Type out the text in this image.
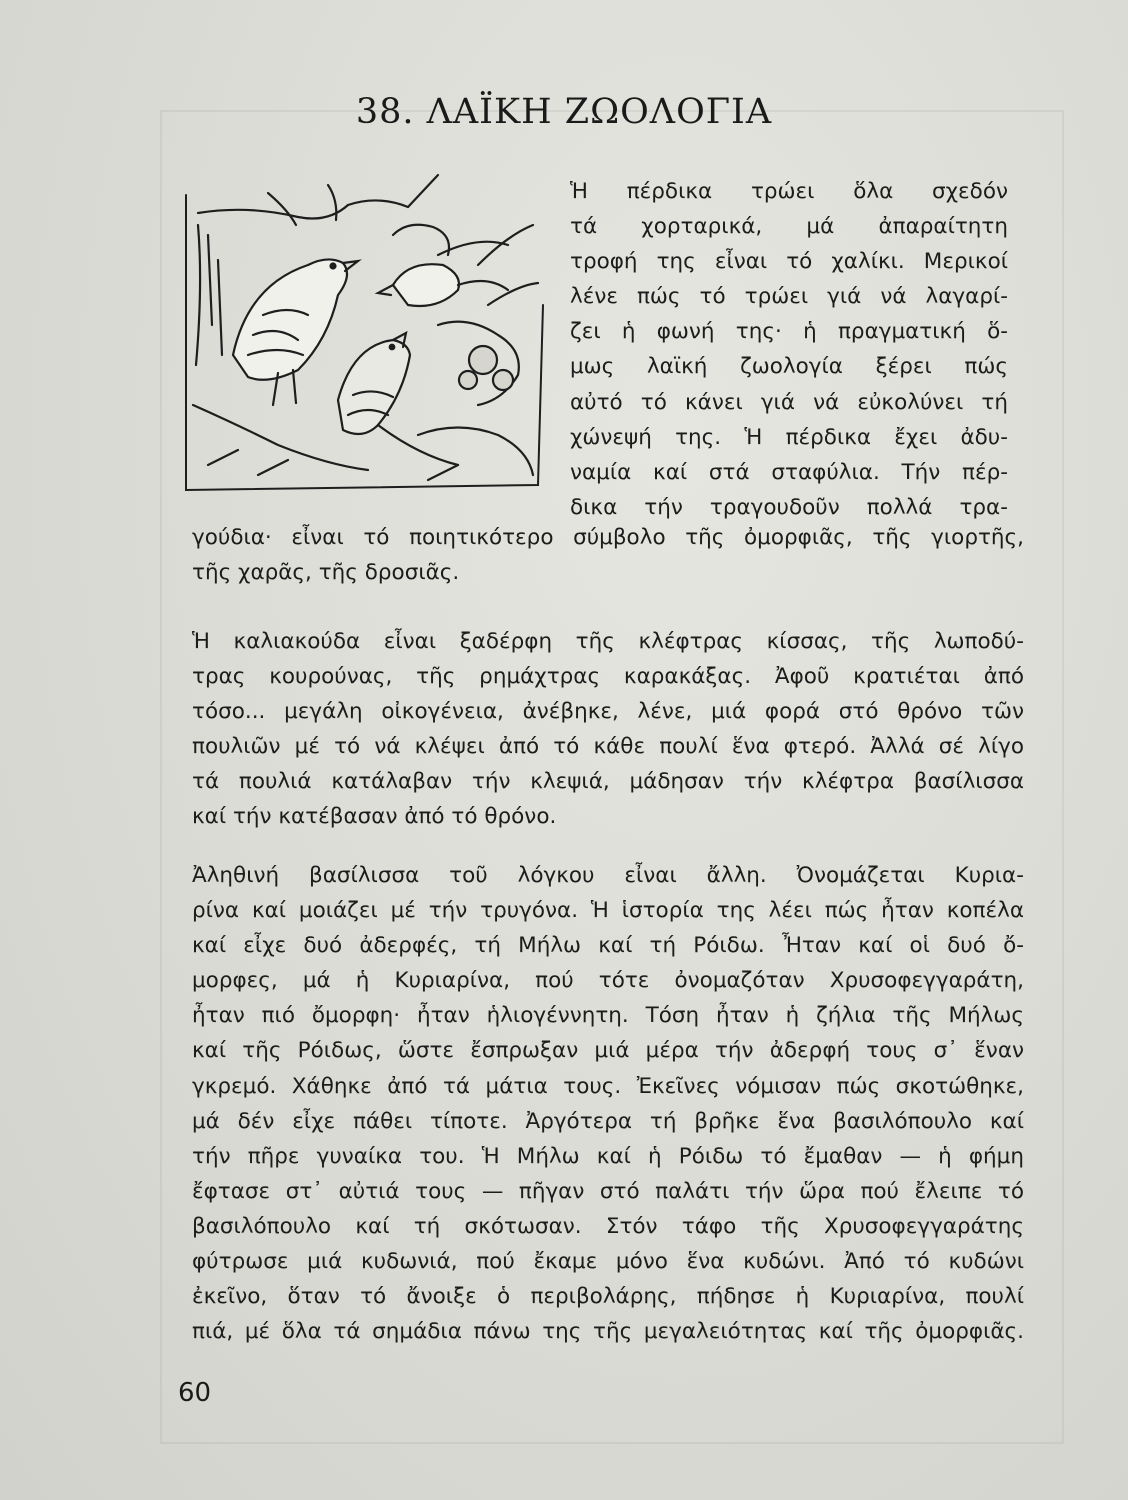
38. ΛΑΪΚΗ ΖΩΟΛΟΓΙΑ
Ἡ πέρδικα τρώει ὅλα σχεδόν
τά χορταρικά, μά ἀπαραίτητη
τροφή της εἶναι τό χαλίκι. Μερικοί
λένε πώς τό τρώει γιά νά λαγαρί-
ζει ἡ φωνή της· ἡ πραγματική ὅ-
μως λαϊκή ζωολογία ξέρει πώς
αὐτό τό κάνει γιά νά εὐκολύνει τή
χώνεψή της. Ἡ πέρδικα ἔχει ἀδυ-
ναμία καί στά σταφύλια. Τήν πέρ-
δικα τήν τραγουδοῦν πολλά τρα-
γούδια· εἶναι τό ποιητικότερο σύμβολο τῆς ὀμορφιᾶς, τῆς γιορτῆς,
τῆς χαρᾶς, τῆς δροσιᾶς.
Ἡ καλιακούδα εἶναι ξαδέρφη τῆς κλέφτρας κίσσας, τῆς λωποδύ-
τρας κουρούνας, τῆς ρημάχτρας καρακάξας. Ἀφοῦ κρατιέται ἀπό
τόσο... μεγάλη οἰκογένεια, ἀνέβηκε, λένε, μιά φορά στό θρόνο τῶν
πουλιῶν μέ τό νά κλέψει ἀπό τό κάθε πουλί ἕνα φτερό. Ἀλλά σέ λίγο
τά πουλιά κατάλαβαν τήν κλεψιά, μάδησαν τήν κλέφτρα βασίλισσα
καί τήν κατέβασαν ἀπό τό θρόνο.
Ἀληθινή βασίλισσα τοῦ λόγκου εἶναι ἄλλη. Ὀνομάζεται Κυρια-
ρίνα καί μοιάζει μέ τήν τρυγόνα. Ἡ ἱστορία της λέει πώς ἦταν κοπέλα
καί εἶχε δυό ἀδερφές, τή Μήλω καί τή Ρόιδω. Ἦταν καί οἱ δυό ὄ-
μορφες, μά ἡ Κυριαρίνα, πού τότε ὀνομαζόταν Χρυσοφεγγαράτη,
ἦταν πιό ὄμορφη· ἦταν ἡλιογέννητη. Τόση ἦταν ἡ ζήλια τῆς Μήλως
καί τῆς Ρόιδως, ὥστε ἔσπρωξαν μιά μέρα τήν ἀδερφή τους σ᾽ ἕναν
γκρεμό. Χάθηκε ἀπό τά μάτια τους. Ἐκεῖνες νόμισαν πώς σκοτώθηκε,
μά δέν εἶχε πάθει τίποτε. Ἀργότερα τή βρῆκε ἕνα βασιλόπουλο καί
τήν πῆρε γυναίκα του. Ἡ Μήλω καί ἡ Ρόιδω τό ἔμαθαν — ἡ φήμη
ἔφτασε στ᾽ αὐτιά τους — πῆγαν στό παλάτι τήν ὥρα πού ἔλειπε τό
βασιλόπουλο καί τή σκότωσαν. Στόν τάφο τῆς Χρυσοφεγγαράτης
φύτρωσε μιά κυδωνιά, πού ἔκαμε μόνο ἕνα κυδώνι. Ἀπό τό κυδώνι
ἐκεῖνο, ὅταν τό ἄνοιξε ὁ περιβολάρης, πήδησε ἡ Κυριαρίνα, πουλί
πιά, μέ ὅλα τά σημάδια πάνω της τῆς μεγαλειότητας καί τῆς ὀμορφιᾶς.
60
